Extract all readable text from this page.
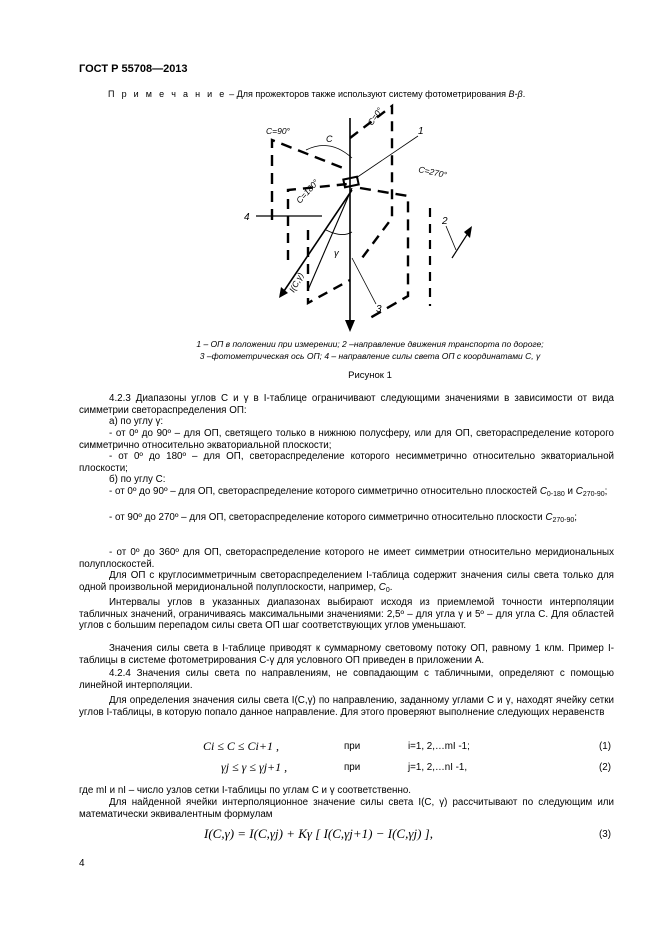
ГОСТ Р 55708—2013
П р и м е ч а н и е – Для прожекторов также используют систему фотометрирования B-β.
C=0°
C=90°
C=180°
C=270°
C
γ
I(C,γ)
1
2
3
4
1 – ОП в положении при измерении; 2 –направление движения транспорта по дороге;
3 –фотометрическая ось ОП; 4 – направление силы света ОП с координатами C, γ
Рисунок 1
4.2.3 Диапазоны углов C и γ в I-таблице ограничивают следующими значениями в зависимости от вида симметрии светораспределения ОП:
а) по углу γ:
- от 0º до 90º – для ОП, светящего только в нижнюю полусферу, или для ОП, светораспределение которого симметрично относительно экваториальной плоскости;
- от 0º до 180º – для ОП, светораспределение которого несимметрично относительно экваториальной плоскости;
б) по углу C:
- от 0º до 90º – для ОП, светораспределение которого симметрично относительно плоскостей $C_{0-180}$ и $C_{270-90}$;
- от 90º до 270º – для ОП, светораспределение которого симметрично относительно плоскости $C_{270-90}$;
- от 0º до 360º для ОП, светораспределение которого не имеет симметрии относительно меридиональных полуплоскостей.
Для ОП с круглосимметричным светораспределением I-таблица содержит значения силы света только для одной произвольной меридиональной полуплоскости, например, $C_0$.
Интервалы углов в указанных диапазонах выбирают исходя из приемлемой точности интерполяции табличных значений, ограничиваясь максимальными значениями: 2,5º – для угла γ и 5º – для угла C. Для областей углов с большим перепадом силы света ОП шаг соответствующих углов уменьшают.
Значения силы света в I-таблице приводят к суммарному световому потоку ОП, равному 1 клм. Пример I-таблицы в системе фотометрирования C-γ для условного ОП приведен в приложении А.
4.2.4 Значения силы света по направлениям, не совпадающим с табличными, определяют с помощью линейной интерполяции.
Для определения значения силы света I(C,γ) по направлению, заданному углами C и γ, находят ячейку сетки углов I-таблицы, в которую попало данное направление. Для этого проверяют выполнение следующих неравенств
Ci ≤ C ≤ Ci+1 ,	при	i=1, 2,…mI -1;	(1)
γj ≤ γ ≤ γj+1 ,	при	j=1, 2,…nI -1,	(2)
где mI и nI – число узлов сетки I-таблицы по углам C и γ соответственно.
Для найденной ячейки интерполяционное значение силы света I(C, γ) рассчитывают по следующим или математически эквивалентным формулам
I(C,γ) = I(C,γj) + Kγ [ I(C,γj+1) − I(C,γj) ],	(3)
4
